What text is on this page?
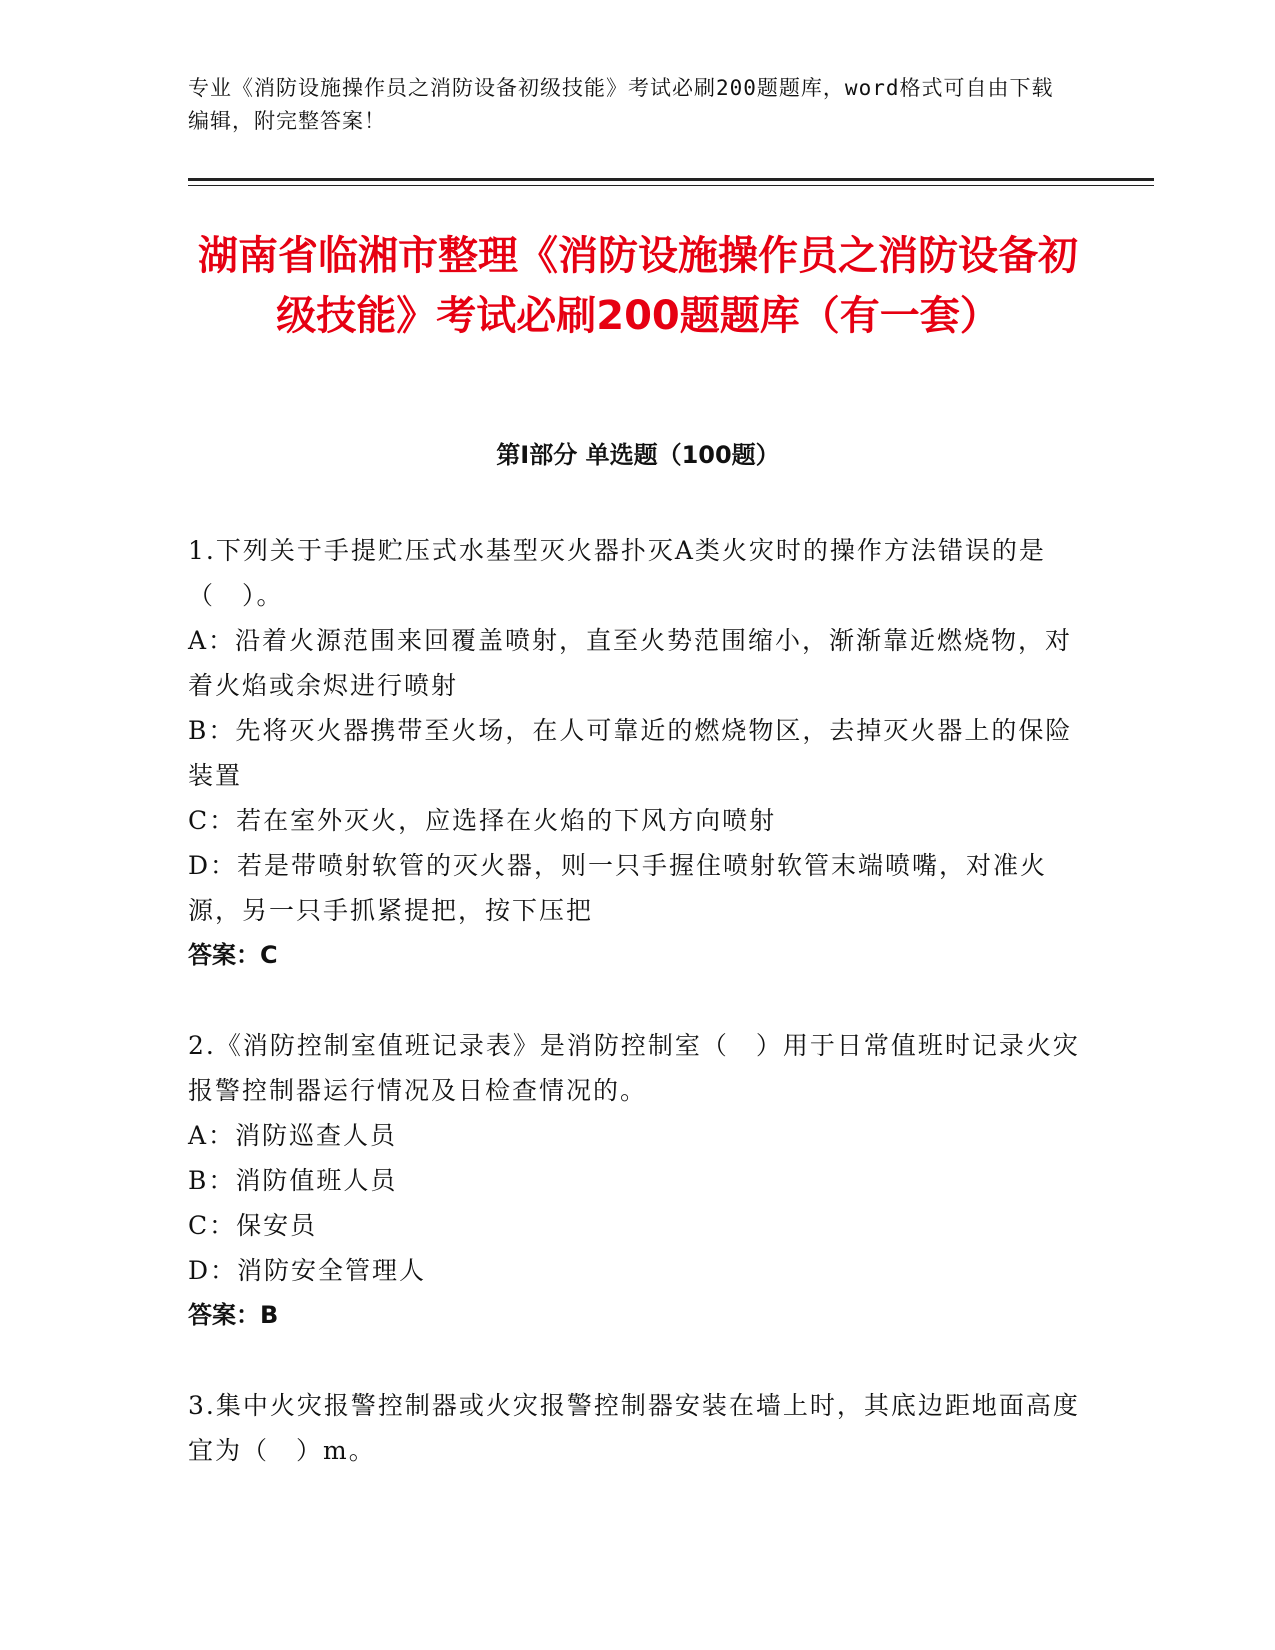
专业《消防设施操作员之消防设备初级技能》考试必刷200题题库，word格式可自由下载编辑，附完整答案！
湖南省临湘市整理《消防设施操作员之消防设备初级技能》考试必刷200题题库（有一套）
第I部分 单选题（100题）
1.下列关于手提贮压式水基型灭火器扑灭A类火灾时的操作方法错误的是（　）。
A：沿着火源范围来回覆盖喷射，直至火势范围缩小，渐渐靠近燃烧物，对着火焰或余烬进行喷射
B：先将灭火器携带至火场，在人可靠近的燃烧物区，去掉灭火器上的保险装置
C：若在室外灭火，应选择在火焰的下风方向喷射
D：若是带喷射软管的灭火器，则一只手握住喷射软管末端喷嘴，对准火源，另一只手抓紧提把，按下压把
答案：C
2.《消防控制室值班记录表》是消防控制室（　）用于日常值班时记录火灾报警控制器运行情况及日检查情况的。
A：消防巡查人员
B：消防值班人员
C：保安员
D：消防安全管理人
答案：B
3.集中火灾报警控制器或火灾报警控制器安装在墙上时，其底边距地面高度宜为（　）m。
